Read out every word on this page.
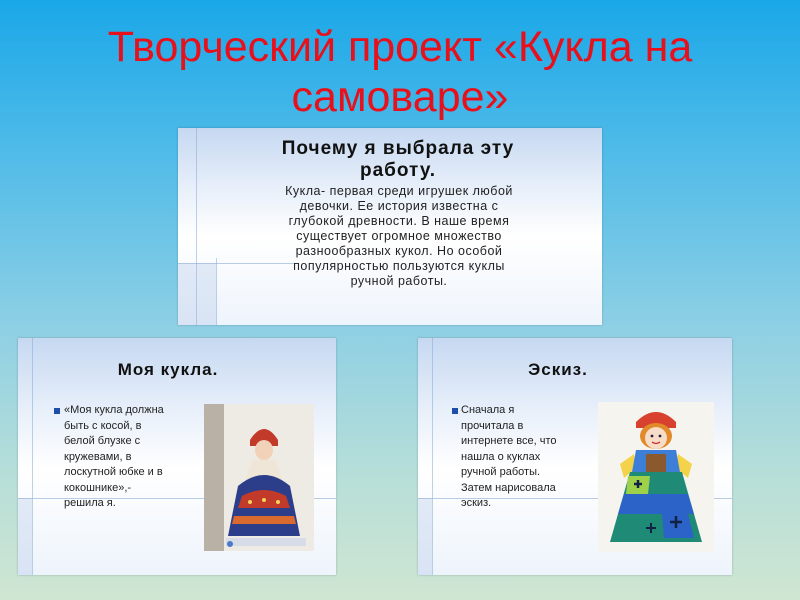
Творческий проект «Кукла на
самоваре»
Почему я выбрала эту
работу.
Кукла- первая среди игрушек любой
девочки. Ее история известна с
глубокой древности. В наше время
существует огромное множество
разнообразных кукол. Но особой
популярностью пользуются куклы
ручной работы.
Моя кукла.
«Моя кукла должна
быть с косой, в
белой блузке с
кружевами, в
лоскутной юбке и в
кокошнике»,-
решила я.
Эскиз.
Сначала я
прочитала в
интернете все, что
нашла о куклах
ручной работы.
Затем нарисовала
эскиз.
